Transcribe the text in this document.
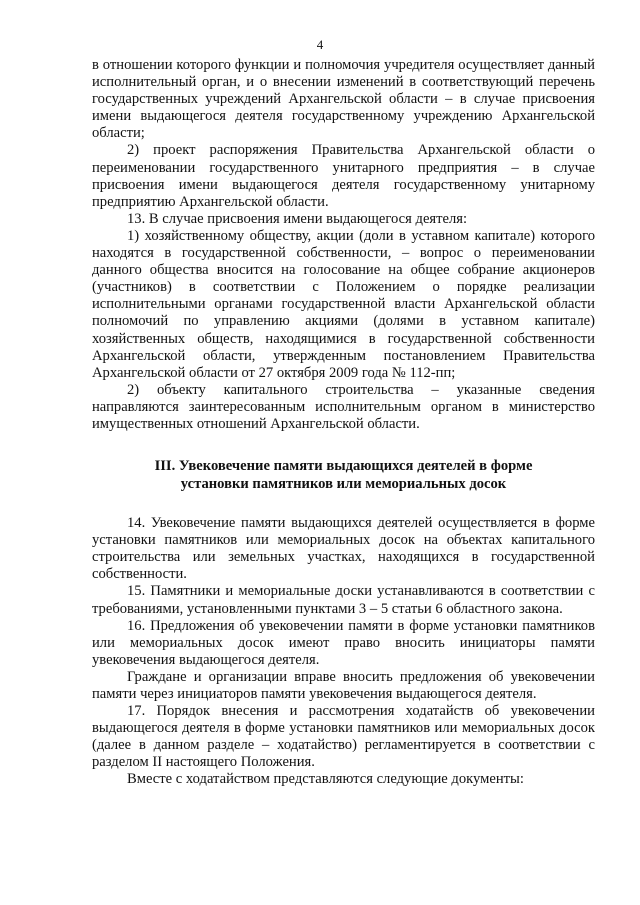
4

в отношении которого функции и полномочия учредителя осуществляет данный исполнительный орган, и о внесении изменений в соответствующий перечень государственных учреждений Архангельской области – в случае присвоения имени выдающегося деятеля государственному учреждению Архангельской области;

2) проект распоряжения Правительства Архангельской области о переименовании государственного унитарного предприятия – в случае присвоения имени выдающегося деятеля государственному унитарному предприятию Архангельской области.

13. В случае присвоения имени выдающегося деятеля:

1) хозяйственному обществу, акции (доли в уставном капитале) которого находятся в государственной собственности, – вопрос о переименовании данного общества вносится на голосование на общее собрание акционеров (участников) в соответствии с Положением о порядке реализации исполнительными органами государственной власти Архангельской области полномочий по управлению акциями (долями в уставном капитале) хозяйственных обществ, находящимися в государственной собственности Архангельской области, утвержденным постановлением Правительства Архангельской области от 27 октября 2009 года № 112-пп;

2) объекту капитального строительства – указанные сведения направляются заинтересованным исполнительным органом в министерство имущественных отношений Архангельской области.

III. Увековечение памяти выдающихся деятелей в форме
установки памятников или мемориальных досок

14. Увековечение памяти выдающихся деятелей осуществляется в форме установки памятников или мемориальных досок на объектах капитального строительства или земельных участках, находящихся в государственной собственности.

15. Памятники и мемориальные доски устанавливаются в соответствии с требованиями, установленными пунктами 3 – 5 статьи 6 областного закона.

16. Предложения об увековечении памяти в форме установки памятников или мемориальных досок имеют право вносить инициаторы памяти увековечения выдающегося деятеля.

Граждане и организации вправе вносить предложения об увековечении памяти через инициаторов памяти увековечения выдающегося деятеля.

17. Порядок внесения и рассмотрения ходатайств об увековечении выдающегося деятеля в форме установки памятников или мемориальных досок (далее в данном разделе – ходатайство) регламентируется в соответствии с разделом II настоящего Положения.

Вместе с ходатайством представляются следующие документы:
